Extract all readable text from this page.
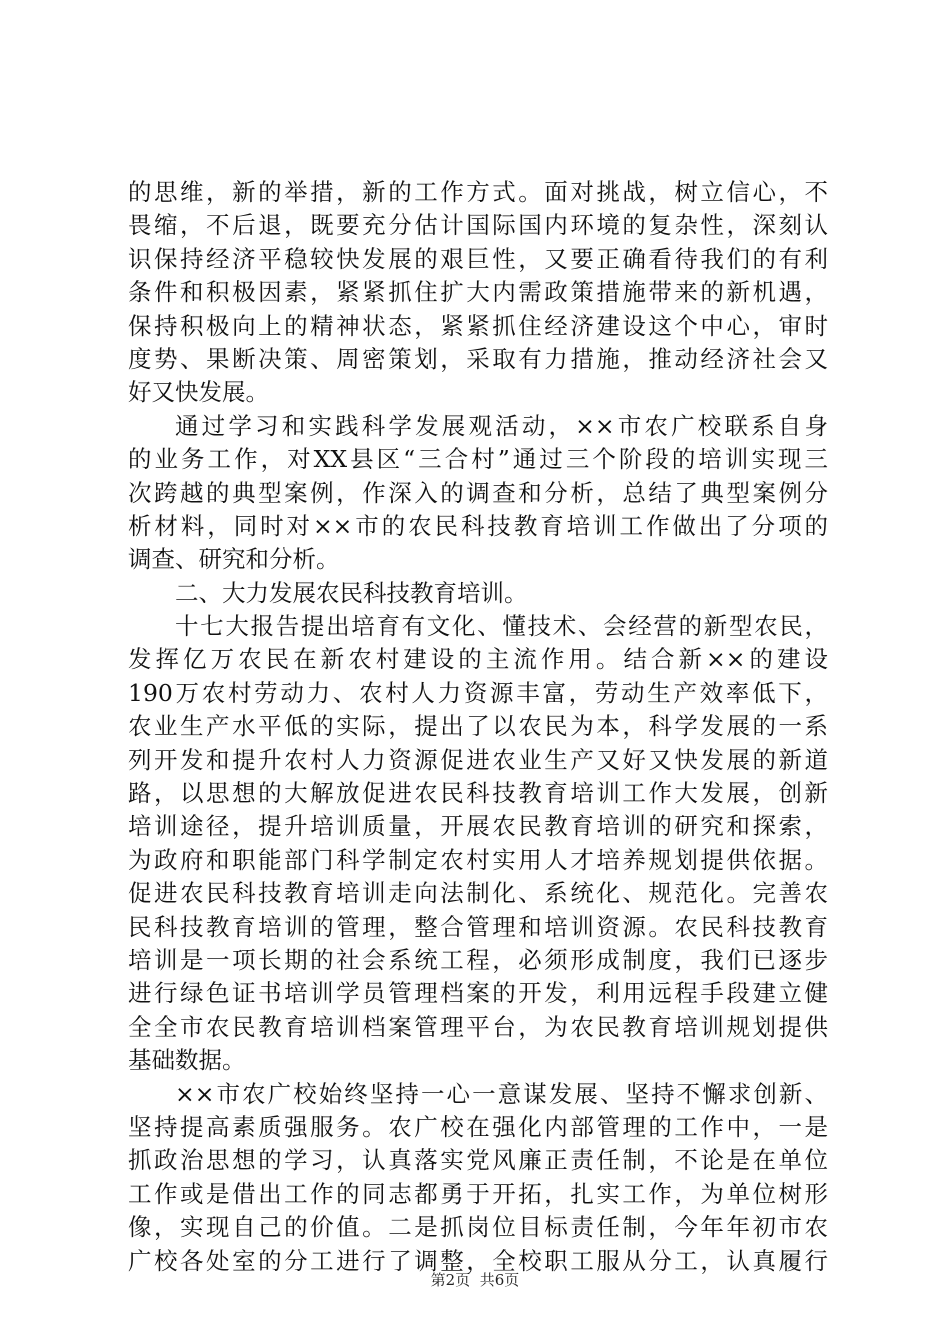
的思维，新的举措，新的工作方式。面对挑战，树立信心，不
畏缩，不后退，既要充分估计国际国内环境的复杂性，深刻认
识保持经济平稳较快发展的艰巨性，又要正确看待我们的有利
条件和积极因素，紧紧抓住扩大内需政策措施带来的新机遇，
保持积极向上的精神状态，紧紧抓住经济建设这个中心，审时
度势、果断决策、周密策划，采取有力措施，推动经济社会又
好又快发展。
通过学习和实践科学发展观活动，××市农广校联系自身
的业务工作，对XX县区“三合村”通过三个阶段的培训实现三
次跨越的典型案例，作深入的调查和分析，总结了典型案例分
析材料，同时对××市的农民科技教育培训工作做出了分项的
调查、研究和分析。
二、大力发展农民科技教育培训。
十七大报告提出培育有文化、懂技术、会经营的新型农民，
发挥亿万农民在新农村建设的主流作用。结合新××的建设
190万农村劳动力、农村人力资源丰富，劳动生产效率低下，
农业生产水平低的实际，提出了以农民为本，科学发展的一系
列开发和提升农村人力资源促进农业生产又好又快发展的新道
路，以思想的大解放促进农民科技教育培训工作大发展，创新
培训途径，提升培训质量，开展农民教育培训的研究和探索，
为政府和职能部门科学制定农村实用人才培养规划提供依据。
促进农民科技教育培训走向法制化、系统化、规范化。完善农
民科技教育培训的管理，整合管理和培训资源。农民科技教育
培训是一项长期的社会系统工程，必须形成制度，我们已逐步
进行绿色证书培训学员管理档案的开发，利用远程手段建立健
全全市农民教育培训档案管理平台，为农民教育培训规划提供
基础数据。
××市农广校始终坚持一心一意谋发展、坚持不懈求创新、
坚持提高素质强服务。农广校在强化内部管理的工作中，一是
抓政治思想的学习，认真落实党风廉正责任制，不论是在单位
工作或是借出工作的同志都勇于开拓，扎实工作，为单位树形
像，实现自己的价值。二是抓岗位目标责任制，今年年初市农
广校各处室的分工进行了调整，全校职工服从分工，认真履行
第2页 共6页
